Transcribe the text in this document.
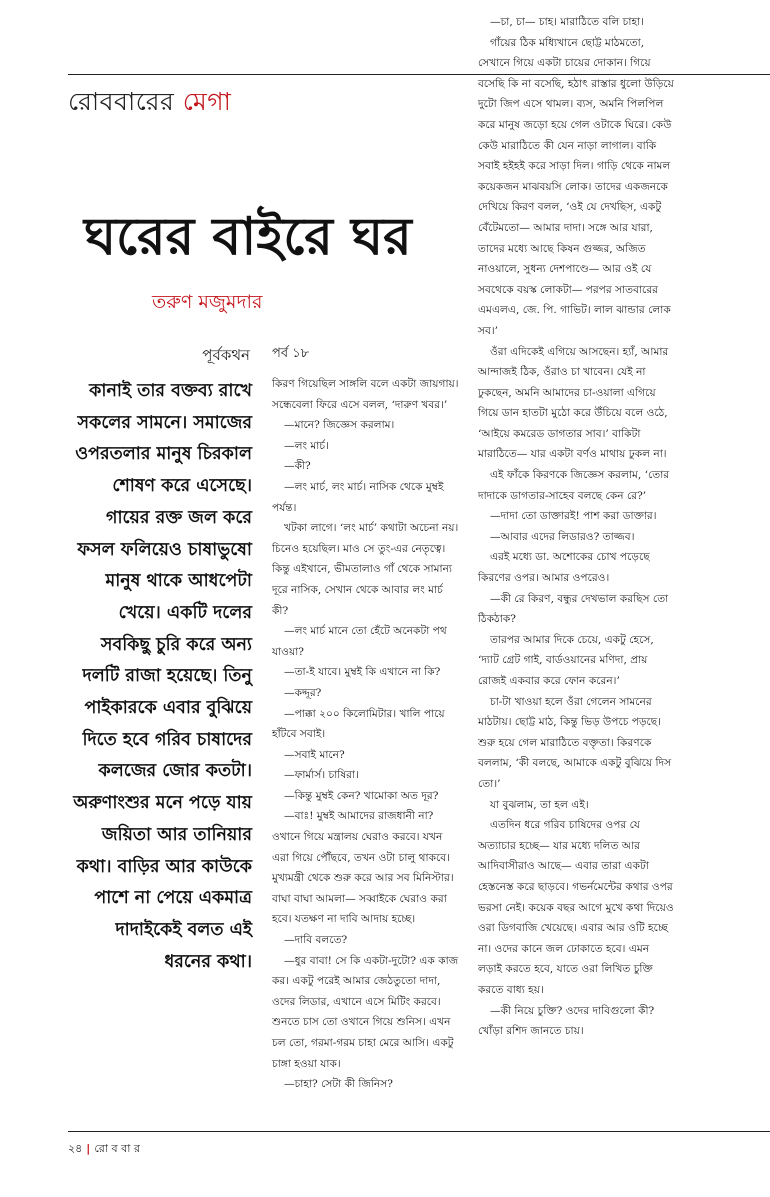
রোববারের মেগা
ঘরের বাইরে ঘর
তরুণ মজুমদার
পূর্বকথন
কানাই তার বক্তব্য রাখে সকলের সামনে। সমাজের ওপরতলার মানুষ চিরকাল শোষণ করে এসেছে। গায়ের রক্ত জল করে ফসল ফলিয়েও চাষাভুষো মানুষ থাকে আধপেটা খেয়ে। একটি দলের সবকিছু চুরি করে অন্য দলটি রাজা হয়েছে। তিনু পাইকারকে এবার বুঝিয়ে দিতে হবে গরিব চাষাদের কলজের জোর কতটা। অরুণাংশুর মনে পড়ে যায় জয়িতা আর তানিয়ার কথা। বাড়ির আর কাউকে পাশে না পেয়ে একমাত্র দাদাইকেই বলত এই ধরনের কথা।
পর্ব ১৮

কিরণ গিয়েছিল সাঙ্গলি বলে একটা জায়গায়। সন্ধেবেলা ফিরে এসে বলল, ‘দারুণ খবর।’

—মানে? জিজ্ঞেস করলাম।

—লং মার্চ।

—কী?

—লং মার্চ, লং মার্চ। নাসিক থেকে মুম্বই পর্যন্ত।

খটকা লাগে। ‘লং মার্চ’ কথাটা অচেনা নয়। চিনেও হয়েছিল। মাও সে তুং-এর নেতৃত্বে। কিন্তু এইখানে, ভীমতালাও গাঁ থেকে সামান্য দূরে নাসিক, সেখান থেকে আবার লং মার্চ কী?

—লং মার্চ মানে তো হেঁটে অনেকটা পথ যাওয়া?

—তা-ই যাবে। মুম্বই কি এখানে না কি?

—কদ্দূর?

—পাক্কা ২০০ কিলোমিটার। খালি পায়ে হাঁটবে সবাই।

—সবাই মানে?

—ফার্মার্স। চাষিরা।

—কিন্তু মুম্বই কেন? খামোকা অত দূর?

—বাঃ! মুম্বই আমাদের রাজধানী না? ওখানে গিয়ে মন্ত্রালয় ঘেরাও করবে। যখন এরা গিয়ে পৌঁছবে, তখন ওটা চালু থাকবে। মুখ্যমন্ত্রী থেকে শুরু করে আর সব মিনিস্টার। বাঘা বাঘা আমলা— সব্বাইকে ঘেরাও করা হবে। যতক্ষণ না দাবি আদায় হচ্ছে।

—দাবি বলতে?

—ধুর বাবা! সে কি একটা-দুটো? এক কাজ কর। একটু পরেই আমার জেঠতুতো দাদা, ওদের লিডার, এখানে এসে মিটিং করবে। শুনতে চাস তো ওখানে গিয়ে শুনিস। এখন চল তো, গরমা-গরম চাহা মেরে আসি। একটু চাঙ্গা হওয়া যাক।

—চাহা? সেটা কী জিনিস?

—চা, চা— চাহ। মারাঠিতে বলি চাহা।

গাঁয়ের ঠিক মধ্যিখানে ছোট্ট মাঠমতো, সেখানে গিয়ে একটা চায়ের দোকান। গিয়ে বসেছি কি না বসেছি, হঠাৎ রাস্তার ধুলো উড়িয়ে দুটো জিপ এসে থামল। ব্যস, অমনি পিলপিল করে মানুষ জড়ো হয়ে গেল ওটাকে ঘিরে। কেউ কেউ মারাঠিতে কী যেন নাড়া লাগাল। বাকি সবাই হইহই করে সাড়া দিল। গাড়ি থেকে নামল কয়েকজন মাঝবয়সি লোক। তাদের একজনকে দেখিয়ে কিরণ বলল, ‘ওই যে দেখছিস, একটু বেঁটেমতো— আমার দাদা। সঙ্গে আর যারা, তাদের মধ্যে আছে কিষন গুজ্জর, অজিত নাওয়ালে, সুধন্য দেশপাণ্ডে— আর ওই যে সবথেকে বয়স্ক লোকটা— পরপর সাতবারের এমএলএ, জে. পি. গাভিট। লাল ঝান্ডার লোক সব।’

ওঁরা এদিকেই এগিয়ে আসছেন। হ্যাঁ, আমার আন্দাজই ঠিক, ওঁরাও চা খাবেন। যেই না ঢুকছেন, অমনি আমাদের চা-ওয়ালা এগিয়ে গিয়ে ডান হাতটা মুঠো করে উঁচিয়ে বলে ওঠে, ‘আইয়ে কমরেড ডাগতার সাব।’ বাকিটা মারাঠিতে— যার একটা বর্ণও মাথায় ঢুকল না।

এই ফাঁকে কিরণকে জিজ্ঞেস করলাম, ‘তোর দাদাকে ডাগতার-সাহেব বলছে কেন রে?’

—দাদা তো ডাক্তারই! পাশ করা ডাক্তার।

—আবার এদের লিডারও? তাজ্জব।

এরই মধ্যে ডা. অশোকের চোখ পড়েছে কিরণের ওপর। আমার ওপরেও।

—কী রে কিরণ, বন্ধুর দেখভাল করছিস তো ঠিকঠাক?

তারপর আমার দিকে চেয়ে, একটু হেসে, ‘দ্যাট গ্রেট গাই, বার্ডওয়ানের মণিদা, প্রায় রোজই একবার করে ফোন করেন।’

চা-টা খাওয়া হলে ওঁরা গেলেন সামনের মাঠটায়। ছোট্ট মাঠ, কিন্তু ভিড় উপচে পড়ছে। শুরু হয়ে গেল মারাঠিতে বক্তৃতা। কিরণকে বললাম, ‘কী বলছে, আমাকে একটু বুঝিয়ে দিস তো।’

যা বুঝলাম, তা হল এই।

এতদিন ধরে গরিব চাষিদের ওপর যে অত্যাচার হচ্ছে— যার মধ্যে দলিত আর আদিবাসীরাও আছে— এবার তারা একটা হেস্তনেস্ত করে ছাড়বে। গভর্নমেন্টের কথার ওপর ভরসা নেই। কয়েক বছর আগে মুখে কথা দিয়েও ওরা ডিগবাজি খেয়েছে। এবার আর ওটি হচ্ছে না। ওদের কানে জল ঢোকাতে হবে। এমন লড়াই করতে হবে, যাতে ওরা লিখিত চুক্তি করতে বাধ্য হয়।

—কী নিয়ে চুক্তি? ওদের দাবিগুলো কী? খোঁড়া রশিদ জানতে চায়।

২৪ | রো ব বা র
